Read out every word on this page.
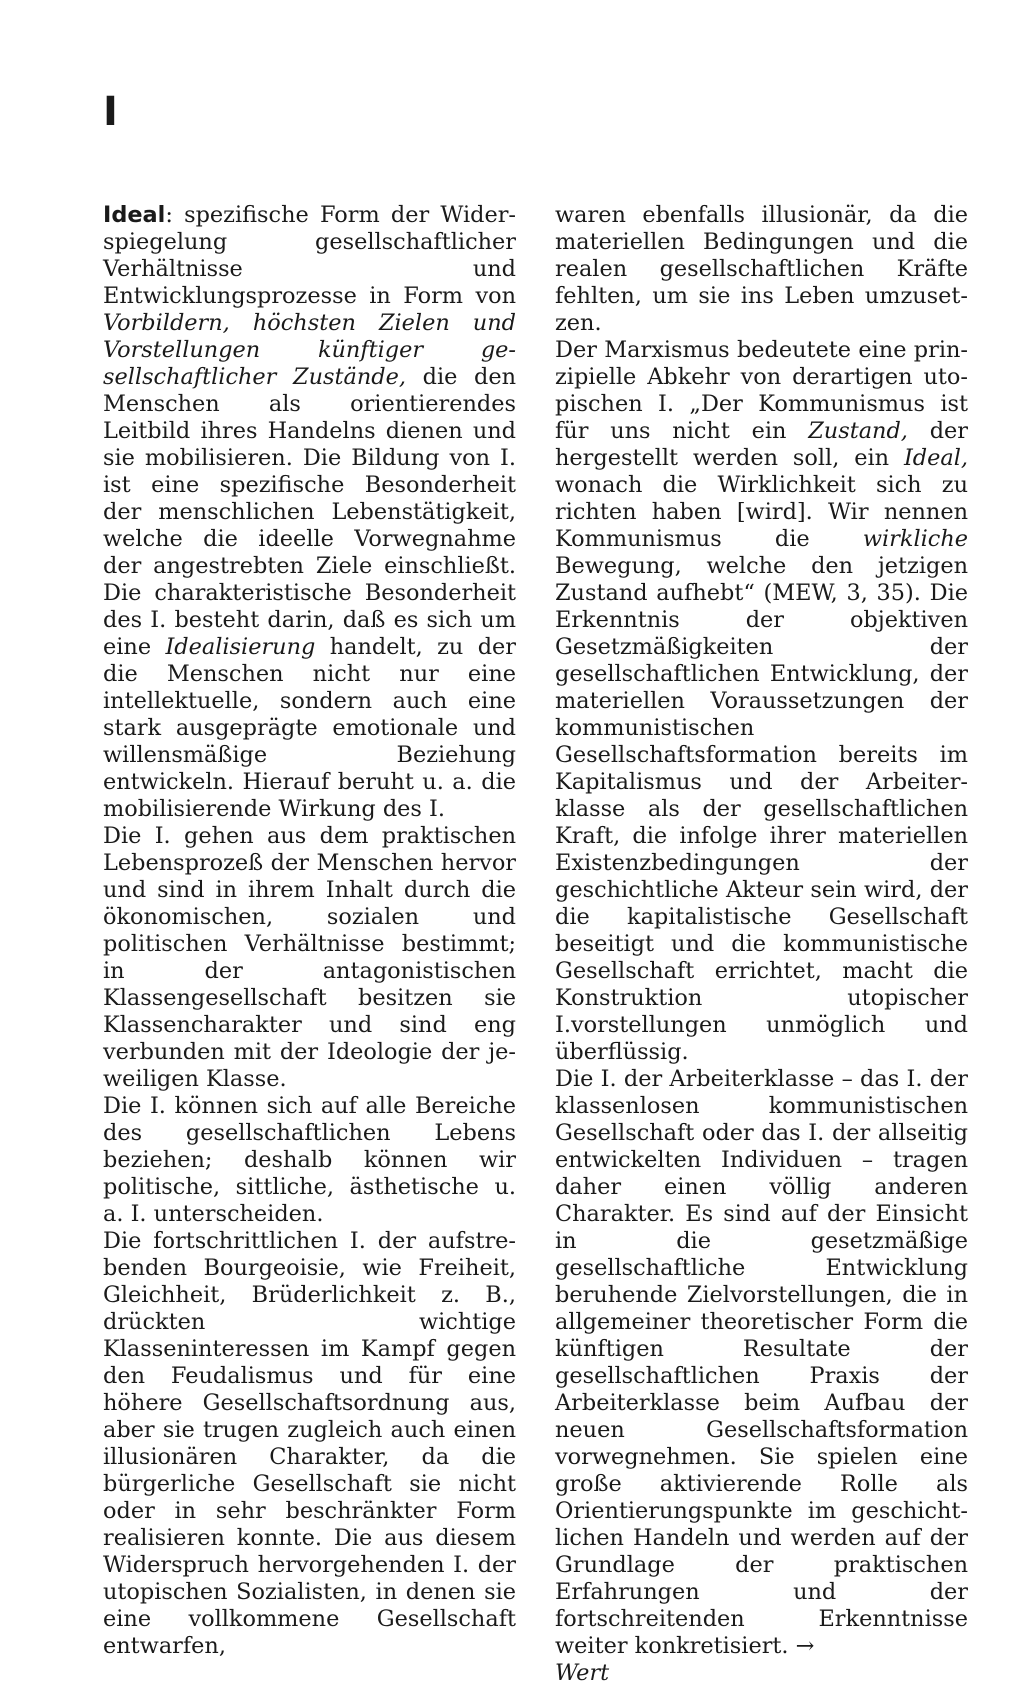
I

Ideal: spezifische Form der Widerspiegelung gesellschaftlicher Verhältnisse und Entwicklungsprozesse in Form von Vorbildern, höchsten Zielen und Vorstellungen künftiger gesellschaftlicher Zustände, die den Menschen als orientierendes Leitbild ihres Handelns dienen und sie mobilisieren. Die Bildung von I. ist eine spezifische Besonderheit der menschlichen Lebenstätigkeit, welche die ideelle Vorwegnahme der angestrebten Ziele einschließt. Die charakteristische Besonderheit des I. besteht darin, daß es sich um eine Idealisierung handelt, zu der die Menschen nicht nur eine intellektuelle, sondern auch eine stark ausgeprägte emotionale und willensmäßige Beziehung entwickeln. Hierauf beruht u. a. die mobilisierende Wirkung des I.

Die I. gehen aus dem praktischen Lebensprozeß der Menschen hervor und sind in ihrem Inhalt durch die ökonomischen, sozialen und politischen Verhältnisse bestimmt; in der antagonistischen Klassengesellschaft besitzen sie Klassencharakter und sind eng verbunden mit der Ideologie der jeweiligen Klasse.

Die I. können sich auf alle Bereiche des gesellschaftlichen Lebens beziehen; deshalb können wir politische, sittliche, ästhetische u. a. I. unterscheiden.

Die fortschrittlichen I. der aufstrebenden Bourgeoisie, wie Freiheit, Gleichheit, Brüderlichkeit z. B., drückten wichtige Klasseninteressen im Kampf gegen den Feudalismus und für eine höhere Gesellschaftsordnung aus, aber sie trugen zugleich auch einen illusionären Charakter, da die bürgerliche Gesellschaft sie nicht oder in sehr beschränkter Form realisieren konnte. Die aus diesem Widerspruch hervorgehenden I. der utopischen Sozialisten, in denen sie eine vollkommene Gesellschaft entwarfen,

waren ebenfalls illusionär, da die materiellen Bedingungen und die realen gesellschaftlichen Kräfte fehlten, um sie ins Leben umzusetzen.

Der Marxismus bedeutete eine prinzipielle Abkehr von derartigen utopischen I. „Der Kommunismus ist für uns nicht ein Zustand, der hergestellt werden soll, ein Ideal, wonach die Wirklichkeit sich zu richten haben [wird]. Wir nennen Kommunismus die wirkliche Bewegung, welche den jetzigen Zustand aufhebt“ (MEW, 3, 35). Die Erkenntnis der objektiven Gesetzmäßigkeiten der gesellschaftlichen Entwicklung, der materiellen Voraussetzungen der kommunistischen Gesellschaftsformation bereits im Kapitalismus und der Arbeiterklasse als der gesellschaftlichen Kraft, die infolge ihrer materiellen Existenzbedingungen der geschichtliche Akteur sein wird, der die kapitalistische Gesellschaft beseitigt und die kommunistische Gesellschaft errichtet, macht die Konstruktion utopischer I.vorstellungen unmöglich und überflüssig.

Die I. der Arbeiterklasse – das I. der klassenlosen kommunistischen Gesellschaft oder das I. der allseitig entwickelten Individuen – tragen daher einen völlig anderen Charakter. Es sind auf der Einsicht in die gesetzmäßige gesellschaftliche Entwicklung beruhende Zielvorstellungen, die in allgemeiner theoretischer Form die künftigen Resultate der gesellschaftlichen Praxis der Arbeiterklasse beim Aufbau der neuen Gesellschaftsformation vorwegnehmen. Sie spielen eine große aktivierende Rolle als Orientierungspunkte im geschichtlichen Handeln und werden auf der Grundlage der praktischen Erfahrungen und der fortschreitenden Erkenntnisse weiter konkretisiert. →
Wert
